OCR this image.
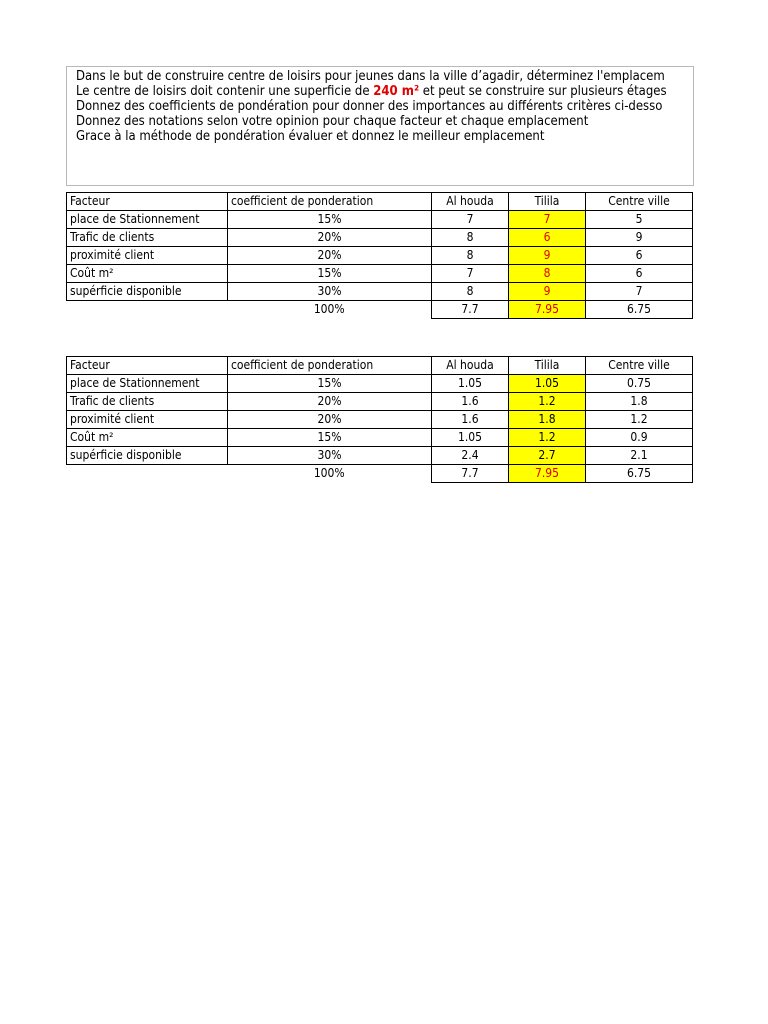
Dans le but de construire centre de loisirs pour jeunes dans la ville d’agadir, déterminez l'emplacem
Le centre de loisirs doit contenir une superficie de 240 m² et peut se construire sur plusieurs étages
Donnez des coefficients de pondération pour donner des importances au différents critères ci-desso
Donnez des notations selon votre opinion pour chaque facteur et chaque emplacement
Grace à la méthode de pondération évaluer et donnez le meilleur emplacement
Facteur	coefficient de ponderation	Al houda	Tilila	Centre ville
place de Stationnement	15%	7	7	5
Trafic de clients	20%	8	6	9
proximité client	20%	8	9	6
Coût m²	15%	7	8	6
supérficie disponible	30%	8	9	7
	100%	7.7	7.95	6.75
Facteur	coefficient de ponderation	Al houda	Tilila	Centre ville
place de Stationnement	15%	1.05	1.05	0.75
Trafic de clients	20%	1.6	1.2	1.8
proximité client	20%	1.6	1.8	1.2
Coût m²	15%	1.05	1.2	0.9
supérficie disponible	30%	2.4	2.7	2.1
	100%	7.7	7.95	6.75
